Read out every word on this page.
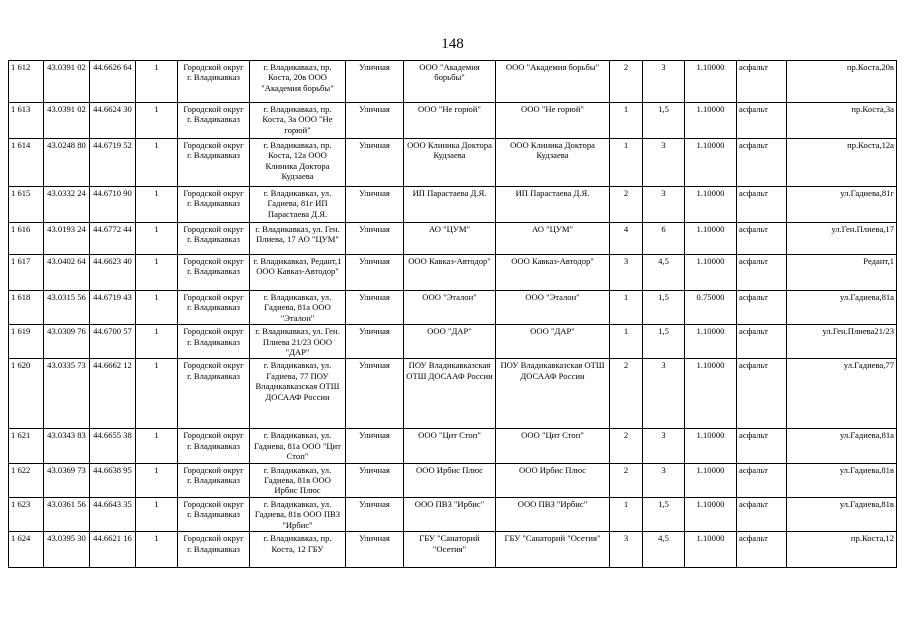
148
1 612	43.0391 02	44.6626 64	1	Городской округ г. Владикавказ	г. Владикавказ, пр. Коста, 20в ООО "Академия борьбы"	Уличная	ООО "Академия борьбы"	ООО "Академия борьбы"	2	3	1.10000	асфальт	пр.Коста,20в
1 613	43.0391 02	44.6624 30	1	Городской округ г. Владикавказ	г. Владикавказ, пр. Коста, 3а ООО "Не горюй"	Уличная	ООО "Не горюй"	ООО "Не горюй"	1	1,5	1.10000	асфальт	пр.Коста,3а
1 614	43.0248 80	44.6719 52	1	Городской округ г. Владикавказ	г. Владикавказ, пр. Коста, 12а ООО Клиника Доктора Кудзаева	Уличная	ООО Клиника Доктора Кудзаева	ООО Клиника Доктора Кудзаева	1	3	1.10000	асфальт	пр.Коста,12а
1 615	43.0332 24	44.6710 90	1	Городской округ г. Владикавказ	г. Владикавказ, ул. Гадиева, 81г ИП Парастаева Д.Я.	Уличная	ИП Парастаева Д.Я.	ИП Парастаева Д.Я.	2	3	1.10000	асфальт	ул.Гадиева,81г
1 616	43.0193 24	44.6772 44	1	Городской округ г. Владикавказ	г. Владикавказ, ул. Ген. Плиева, 17 АО "ЦУМ"	Уличная	АО "ЦУМ"	АО "ЦУМ"	4	6	1.10000	асфальт	ул.Ген.Плиева,17
1 617	43.0402 64	44.6623 40	1	Городской округ г. Владикавказ	г. Владикавказ, Редант,1 ООО Кавказ-Автодор"	Уличная	ООО Кавказ-Автодор"	ООО Кавказ-Автодор"	3	4,5	1.10000	асфальт	Редант,1
1 618	43.0315 56	44.6719 43	1	Городской округ г. Владикавказ	г. Владикавказ, ул. Гадиева, 81а ООО "Эталон"	Уличная	ООО "Эталон"	ООО "Эталон"	1	1,5	0.75000	асфальт	ул.Гадиева,81а
1 619	43.0309 76	44.6700 57	1	Городской округ г. Владикавказ	г. Владикавказ, ул. Ген. Плиева 21/23 ООО "ДАР"	Уличная	ООО "ДАР"	ООО "ДАР"	1	1,5	1.10000	асфальт	ул.Ген.Плиева21/23
1 620	43.0335 73	44.6662 12	1	Городской округ г. Владикавказ	г. Владикавказ, ул. Гадиева, 77 ПОУ Владикавказская ОТШ ДОСААФ России	Уличная	ПОУ Владикавказская ОТШ ДОСААФ России	ПОУ Владикавказская ОТШ ДОСААФ России	2	3	1.10000	асфальт	ул.Гадиева,77
1 621	43.0343 83	44.6655 38	1	Городской округ г. Владикавказ	г. Владикавказ, ул. Гадиева, 81а ООО "Цит Стоп"	Уличная	ООО "Цит Стоп"	ООО "Цит Стоп"	2	3	1.10000	асфальт	ул.Гадиева,81а
1 622	43.0369 73	44.6638 95	1	Городской округ г. Владикавказ	г. Владикавказ, ул. Гадиева, 81в ООО Ирбис Плюс	Уличная	ООО Ирбис Плюс	ООО Ирбис Плюс	2	3	1.10000	асфальт	ул.Гадиева,81в
1 623	43.0361 56	44.6643 35	1	Городской округ г. Владикавказ	г. Владикавказ, ул. Гадиева, 81в ООО ПВЗ "Ирбис"	Уличная	ООО ПВЗ "Ирбис"	ООО ПВЗ "Ирбис"	1	1,5	1.10000	асфальт	ул.Гадиева,81в
1 624	43.0395 30	44.6621 16	1	Городской округ г. Владикавказ	г. Владикавказ, пр. Коста, 12 ГБУ	Уличная	ГБУ "Санаторий "Осетия"	ГБУ "Санаторий "Осетия"	3	4,5	1.10000	асфальт	пр.Коста,12
